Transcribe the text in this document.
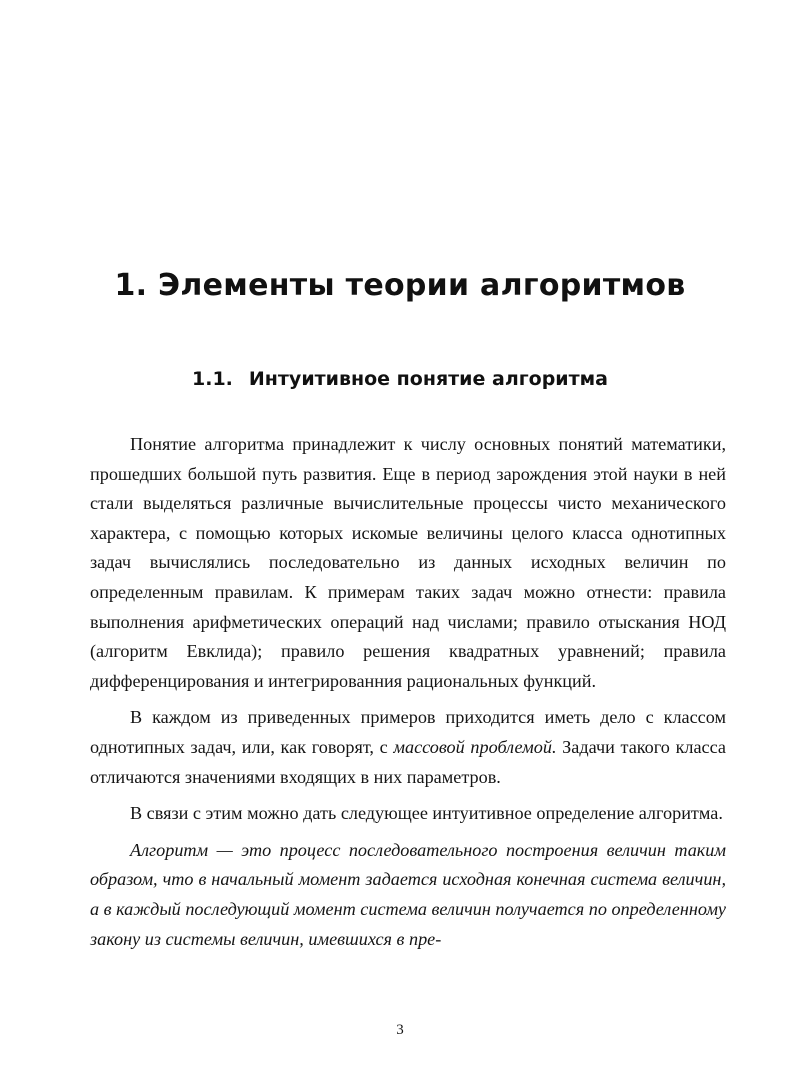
1. Элементы теории алгоритмов
1.1. Интуитивное понятие алгоритма

Понятие алгоритма принадлежит к числу основных понятий математики, прошедших большой путь развития. Еще в период зарождения этой науки в ней стали выделяться различные вычислительные процессы чисто механического характера, с помощью которых искомые величины целого класса однотипных задач вычислялись последовательно из данных исходных величин по определенным правилам. К примерам таких задач можно отнести: правила выполнения арифметических операций над числами; правило отыскания НОД (алгоритм Евклида); правило решения квадратных уравнений; правила дифференцирования и интегрированния рациональных функций.

В каждом из приведенных примеров приходится иметь дело с классом однотипных задач, или, как говорят, с массовой проблемой. Задачи такого класса отличаются значениями входящих в них параметров.

В связи с этим можно дать следующее интуитивное определение алгоритма.

Алгоритм — это процесс последовательного построения величин таким образом, что в начальный момент задается исходная конечная система величин, а в каждый последующий момент система величин получается по определенному закону из системы величин, имевшихся в пре-

3
